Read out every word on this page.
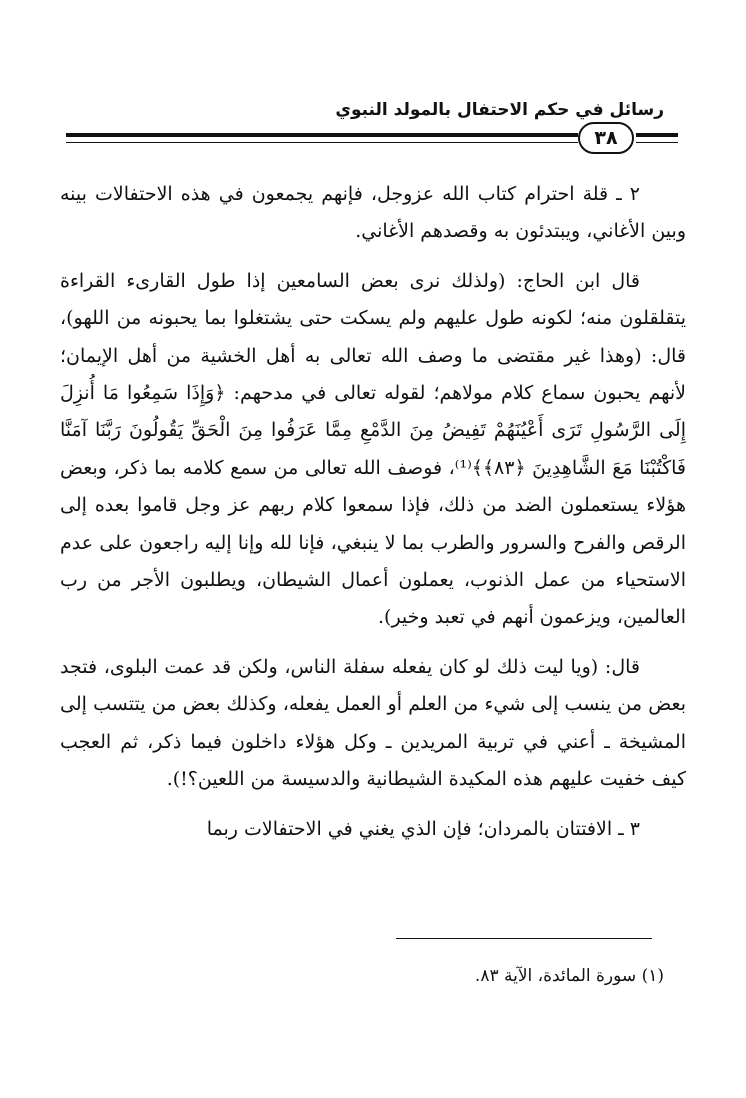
رسائل في حكم الاحتفال بالمولد النبوي
٣٨

٢ ـ قلة احترام كتاب الله عزوجل، فإنهم يجمعون في هذه الاحتفالات بينه وبين الأغاني، ويبتدئون به وقصدهم الأغاني.

قال ابن الحاج: (ولذلك نرى بعض السامعين إذا طول القارىء القراءة يتقلقلون منه؛ لكونه طول عليهم ولم يسكت حتى يشتغلوا بما يحبونه من اللهو)، قال: (وهذا غير مقتضى ما وصف الله تعالى به أهل الخشية من أهل الإيمان؛ لأنهم يحبون سماع كلام مولاهم؛ لقوله تعالى في مدحهم: ﴿وَإِذَا سَمِعُوا مَا أُنزِلَ إِلَى الرَّسُولِ تَرَى أَعْيُنَهُمْ تَفِيضُ مِنَ الدَّمْعِ مِمَّا عَرَفُوا مِنَ الْحَقِّ يَقُولُونَ رَبَّنَا آمَنَّا فَاكْتُبْنَا مَعَ الشَّاهِدِينَ ﴿٨٣﴾﴾⁽¹⁾، فوصف الله تعالى من سمع كلامه بما ذكر، وبعض هؤلاء يستعملون الضد من ذلك، فإذا سمعوا كلام ربهم عز وجل قاموا بعده إلى الرقص والفرح والسرور والطرب بما لا ينبغي، فإنا لله وإنا إليه راجعون على عدم الاستحياء من عمل الذنوب، يعملون أعمال الشيطان، ويطلبون الأجر من رب العالمين، ويزعمون أنهم في تعبد وخير).

قال: (ويا ليت ذلك لو كان يفعله سفلة الناس، ولكن قد عمت البلوى، فتجد بعض من ينسب إلى شيء من العلم أو العمل يفعله، وكذلك بعض من يتتسب إلى المشيخة ـ أعني في تربية المريدين ـ وكل هؤلاء داخلون فيما ذكر، ثم العجب كيف خفيت عليهم هذه المكيدة الشيطانية والدسيسة من اللعين؟!).

٣ ـ الافتتان بالمردان؛ فإن الذي يغني في الاحتفالات ربما

(١) سورة المائدة، الآية ٨٣.
